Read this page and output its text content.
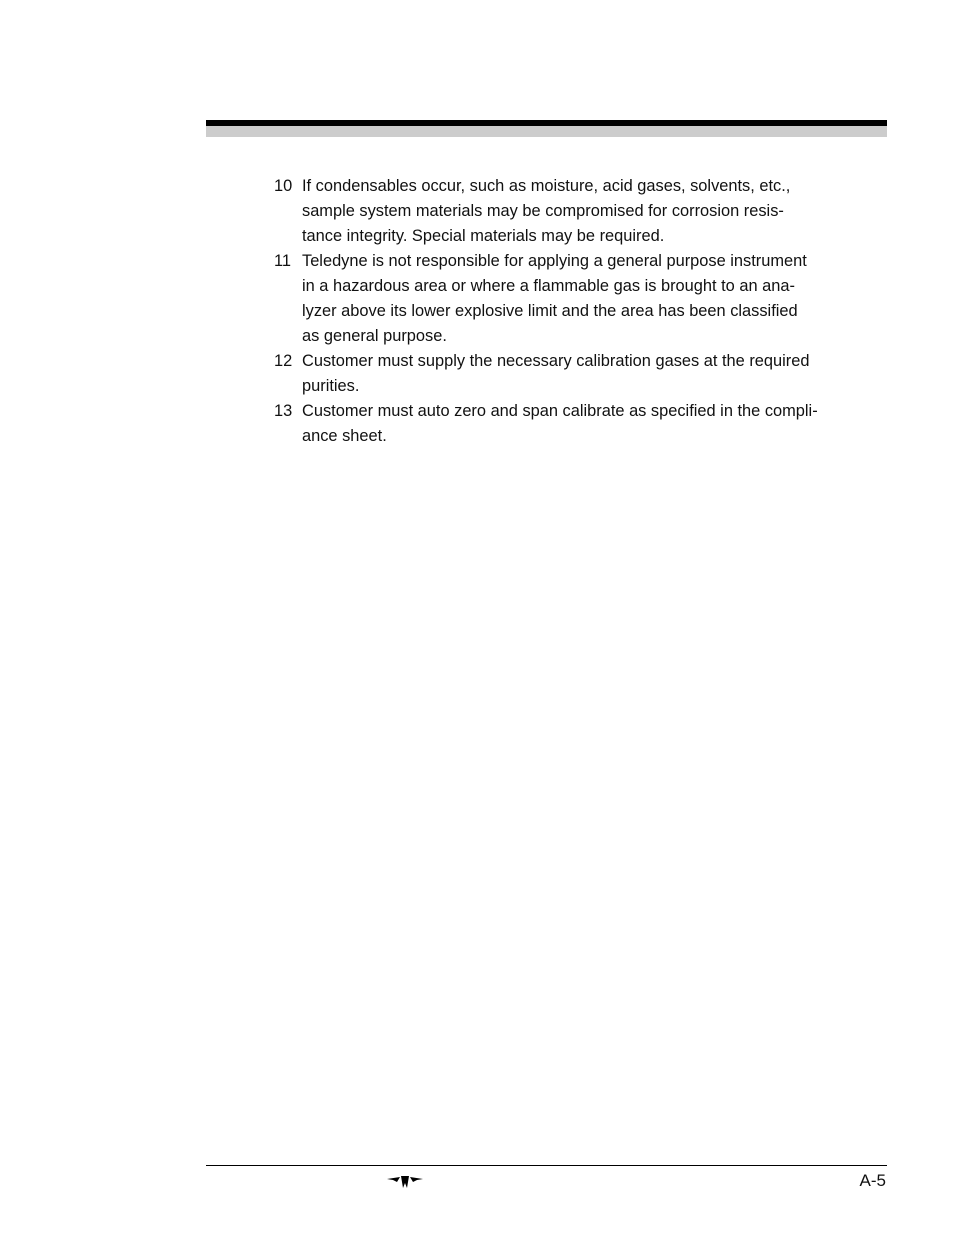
10 If condensables occur, such as moisture, acid gases, solvents, etc.,
sample system materials may be compromised for corrosion resis-
tance integrity. Special materials may be required.
11 Teledyne is not responsible for applying a general purpose instrument
in a hazardous area or where a flammable gas is brought to an ana-
lyzer above its lower explosive limit and the area has been classified
as general purpose.
12 Customer must supply the necessary calibration gases at the required
purities.
13 Customer must auto zero and span calibrate as specified in the compli-
ance sheet.
A-5
